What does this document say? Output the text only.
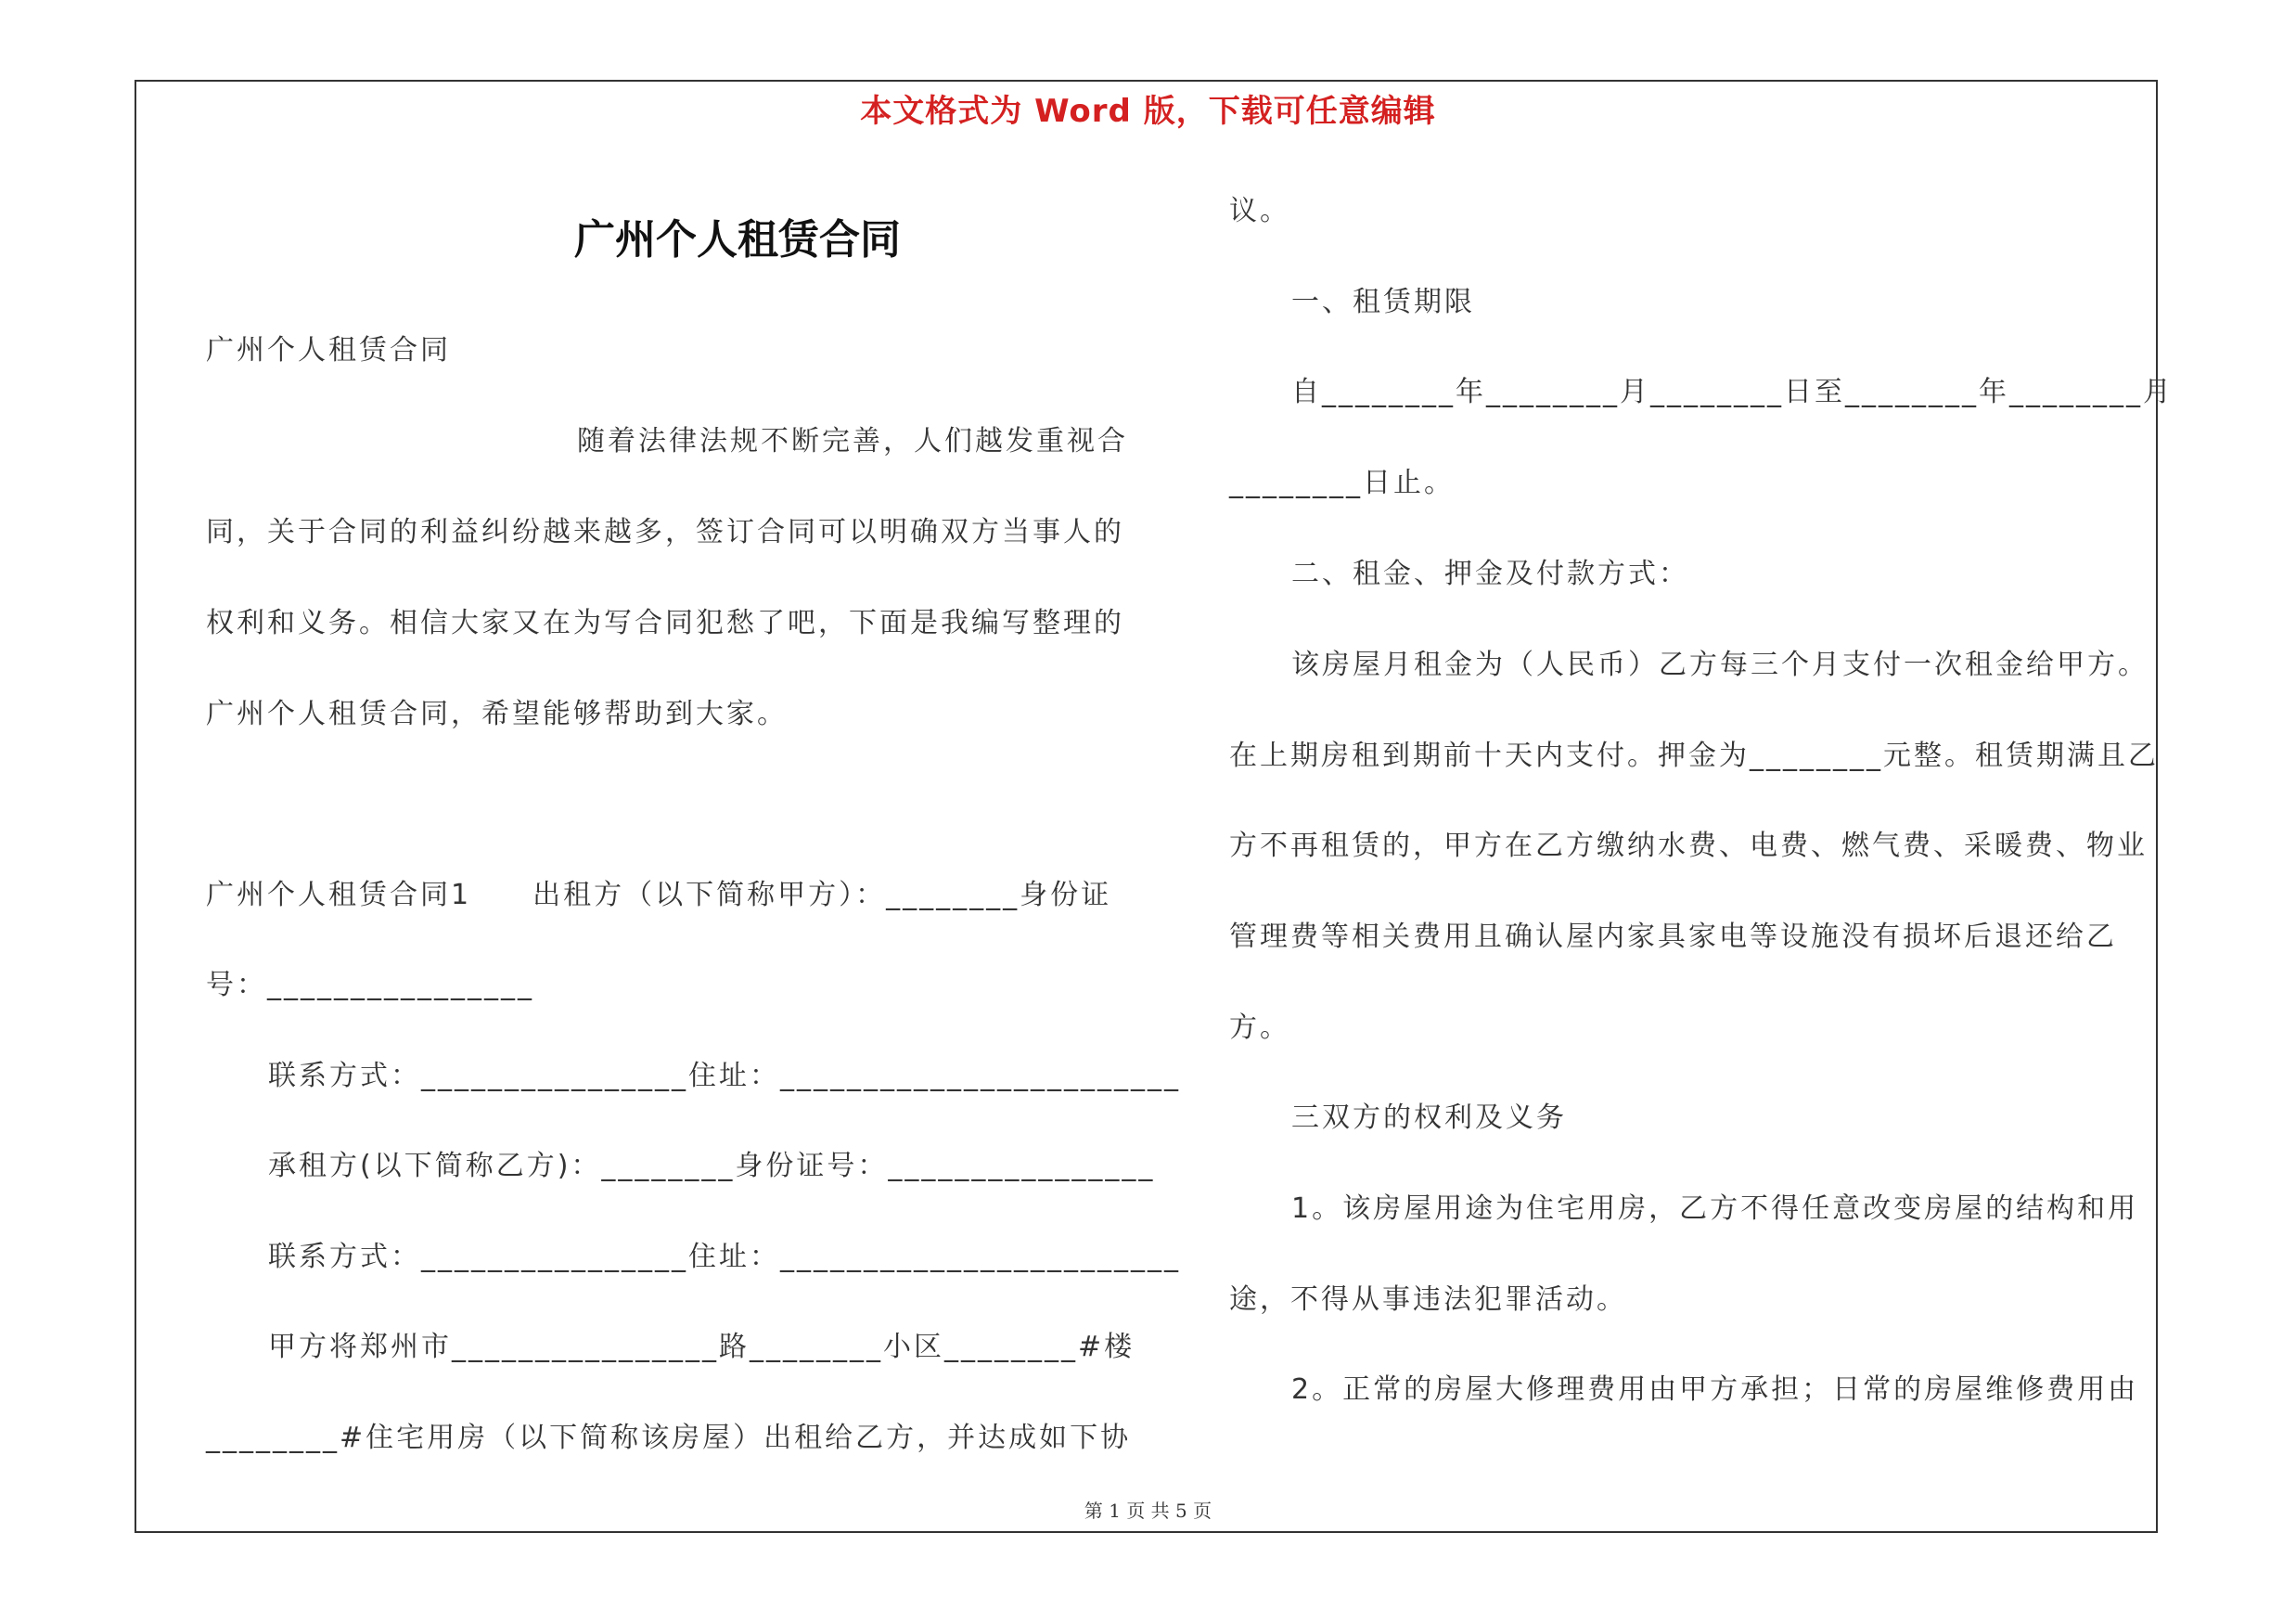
本文格式为 Word 版，下载可任意编辑
广州个人租赁合同
广州个人租赁合同
随着法律法规不断完善，人们越发重视合
同，关于合同的利益纠纷越来越多，签订合同可以明确双方当事人的
权利和义务。相信大家又在为写合同犯愁了吧，下面是我编写整理的
广州个人租赁合同，希望能够帮助到大家。
广州个人租赁合同1　　出租方（以下简称甲方）：________身份证
号：________________
联系方式：________________住址：________________________
承租方(以下简称乙方)：________身份证号：________________
联系方式：________________住址：________________________
甲方将郑州市________________路________小区________#楼
________#住宅用房（以下简称该房屋）出租给乙方，并达成如下协
议。
一、租赁期限
自________年________月________日至________年________月
________日止。
二、租金、押金及付款方式：
该房屋月租金为（人民币）乙方每三个月支付一次租金给甲方。
在上期房租到期前十天内支付。押金为________元整。租赁期满且乙
方不再租赁的，甲方在乙方缴纳水费、电费、燃气费、采暖费、物业
管理费等相关费用且确认屋内家具家电等设施没有损坏后退还给乙
方。
三双方的权利及义务
1。该房屋用途为住宅用房，乙方不得任意改变房屋的结构和用
途，不得从事违法犯罪活动。
2。正常的房屋大修理费用由甲方承担；日常的房屋维修费用由
第 1 页 共 5 页
